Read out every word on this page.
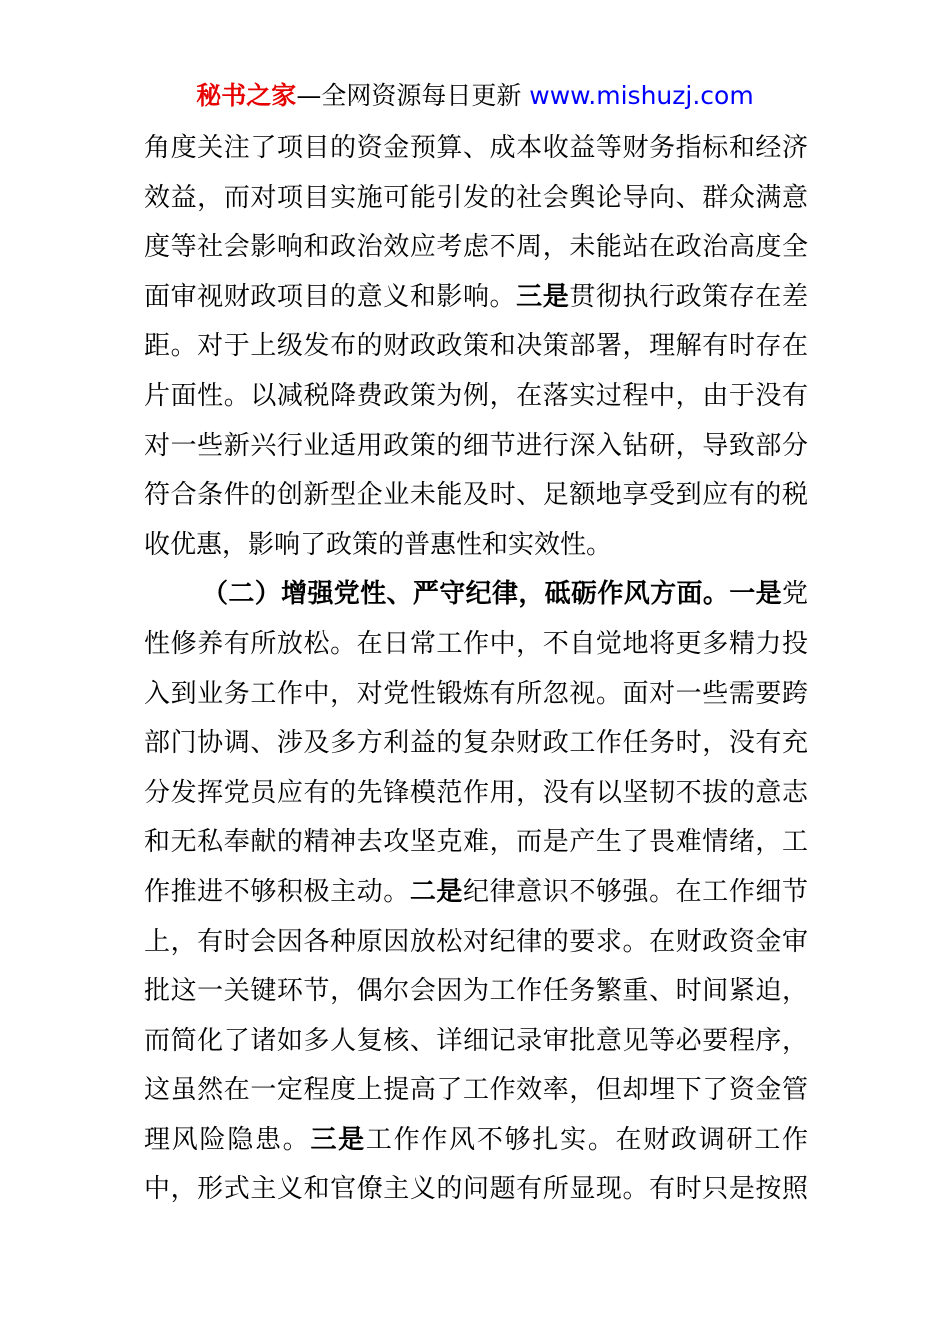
秘书之家—全网资源每日更新 www.mishuzj.com
角度关注了项目的资金预算、成本收益等财务指标和经济
效益，而对项目实施可能引发的社会舆论导向、群众满意
度等社会影响和政治效应考虑不周，未能站在政治高度全
面审视财政项目的意义和影响。三是贯彻执行政策存在差
距。对于上级发布的财政政策和决策部署，理解有时存在
片面性。以减税降费政策为例，在落实过程中，由于没有
对一些新兴行业适用政策的细节进行深入钻研，导致部分
符合条件的创新型企业未能及时、足额地享受到应有的税
收优惠，影响了政策的普惠性和实效性。
（二）增强党性、严守纪律，砥砺作风方面。一是党
性修养有所放松。在日常工作中，不自觉地将更多精力投
入到业务工作中，对党性锻炼有所忽视。面对一些需要跨
部门协调、涉及多方利益的复杂财政工作任务时，没有充
分发挥党员应有的先锋模范作用，没有以坚韧不拔的意志
和无私奉献的精神去攻坚克难，而是产生了畏难情绪，工
作推进不够积极主动。二是纪律意识不够强。在工作细节
上，有时会因各种原因放松对纪律的要求。在财政资金审
批这一关键环节，偶尔会因为工作任务繁重、时间紧迫，
而简化了诸如多人复核、详细记录审批意见等必要程序，
这虽然在一定程度上提高了工作效率，但却埋下了资金管
理风险隐患。三是工作作风不够扎实。在财政调研工作
中，形式主义和官僚主义的问题有所显现。有时只是按照
